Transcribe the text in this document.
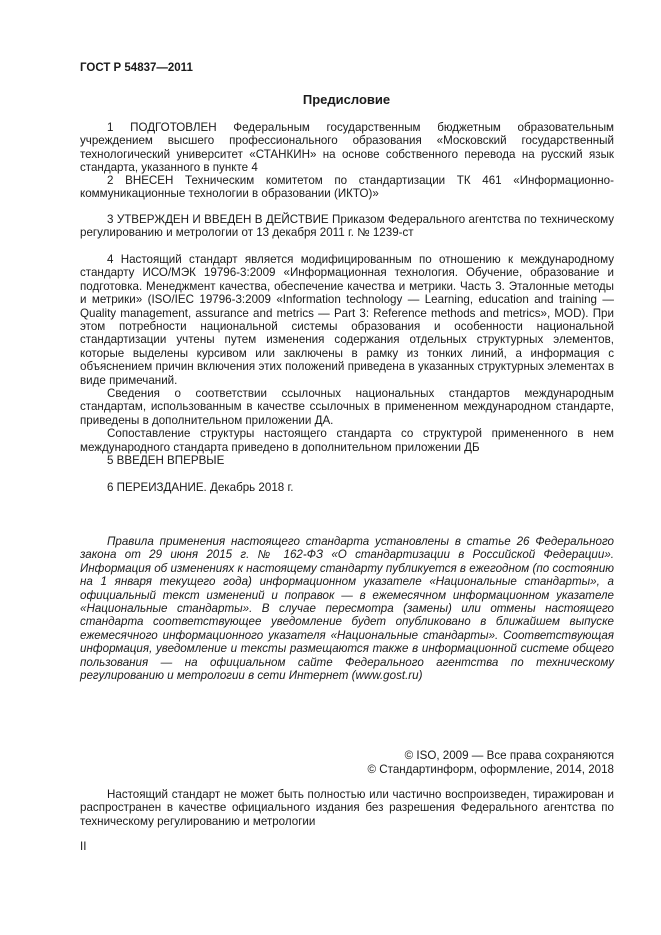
ГОСТ Р 54837—2011
Предисловие

1 ПОДГОТОВЛЕН Федеральным государственным бюджетным образовательным учреждением высшего профессионального образования «Московский государственный технологический университет «СТАНКИН» на основе собственного перевода на русский язык стандарта, указанного в пункте 4

2 ВНЕСЕН Техническим комитетом по стандартизации ТК 461 «Информационно-коммуникационные технологии в образовании (ИКТО)»

3 УТВЕРЖДЕН И ВВЕДЕН В ДЕЙСТВИЕ Приказом Федерального агентства по техническому регулированию и метрологии от 13 декабря 2011 г. № 1239-ст

4 Настоящий стандарт является модифицированным по отношению к международному стандарту ИСО/МЭК 19796-3:2009 «Информационная технология. Обучение, образование и подготовка. Менеджмент качества, обеспечение качества и метрики. Часть 3. Эталонные методы и метрики» (ISO/IEC 19796-3:2009 «Information technology — Learning, education and training — Quality management, assurance and metrics — Part 3: Reference methods and metrics», MOD). При этом потребности национальной системы образования и особенности национальной стандартизации учтены путем изменения содержания отдельных структурных элементов, которые выделены курсивом или заключены в рамку из тонких линий, а информация с объяснением причин включения этих положений приведена в указанных структурных элементах в виде примечаний.

Сведения о соответствии ссылочных национальных стандартов международным стандартам, использованным в качестве ссылочных в примененном международном стандарте, приведены в дополнительном приложении ДА.

Сопоставление структуры настоящего стандарта со структурой примененного в нем международного стандарта приведено в дополнительном приложении ДБ

5 ВВЕДЕН ВПЕРВЫЕ

6 ПЕРЕИЗДАНИЕ. Декабрь 2018 г.

Правила применения настоящего стандарта установлены в статье 26 Федерального закона от 29 июня 2015 г. № 162-ФЗ «О стандартизации в Российской Федерации». Информация об изменениях к настоящему стандарту публикуется в ежегодном (по состоянию на 1 января текущего года) информационном указателе «Национальные стандарты», а официальный текст изменений и поправок — в ежемесячном информационном указателе «Национальные стандарты». В случае пересмотра (замены) или отмены настоящего стандарта соответствующее уведомление будет опубликовано в ближайшем выпуске ежемесячного информационного указателя «Национальные стандарты». Соответствующая информация, уведомление и тексты размещаются также в информационной системе общего пользования — на официальном сайте Федерального агентства по техническому регулированию и метрологии в сети Интернет (www.gost.ru)

© ISO, 2009 — Все права сохраняются
© Стандартинформ, оформление, 2014, 2018

Настоящий стандарт не может быть полностью или частично воспроизведен, тиражирован и распространен в качестве официального издания без разрешения Федерального агентства по техническому регулированию и метрологии

II
